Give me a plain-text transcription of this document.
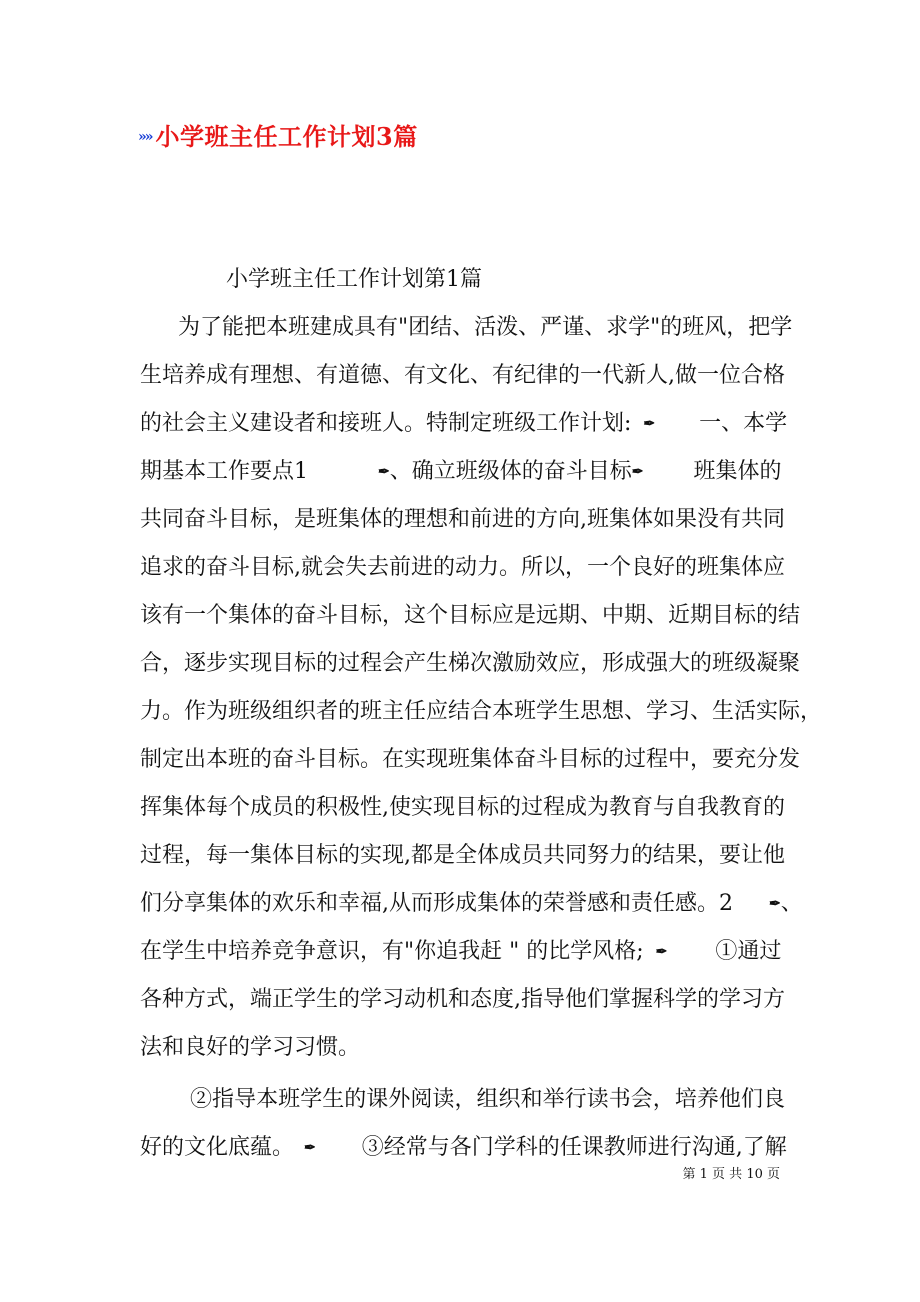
»» 小学班主任工作计划3篇
小学班主任工作计划第1篇
为了能把本班建成具有"团结、活泼、严谨、求学"的班风，把学
生培养成有理想、有道德、有文化、有纪律的一代新人,做一位合格
的社会主义建设者和接班人。特制定班级工作计划: ✒ 一、本学
期基本工作要点1	✒、确立班级体的奋斗目标✒ 班集体的
共同奋斗目标，是班集体的理想和前进的方向,班集体如果没有共同
追求的奋斗目标,就会失去前进的动力。所以，一个良好的班集体应
该有一个集体的奋斗目标，这个目标应是远期、中期、近期目标的结
合，逐步实现目标的过程会产生梯次激励效应，形成强大的班级凝聚
力。作为班级组织者的班主任应结合本班学生思想、学习、生活实际，
制定出本班的奋斗目标。在实现班集体奋斗目标的过程中，要充分发
挥集体每个成员的积极性,使实现目标的过程成为教育与自我教育的
过程，每一集体目标的实现,都是全体成员共同努力的结果，要让他
们分享集体的欢乐和幸福,从而形成集体的荣誉感和责任感。2	✒、
在学生中培养竞争意识，有"你追我赶 " 的比学风格; ✒ ①通过
各种方式，端正学生的学习动机和态度,指导他们掌握科学的学习方
法和良好的学习习惯。
②指导本班学生的课外阅读，组织和举行读书会，培养他们良
好的文化底蕴。 ✒ ③经常与各门学科的任课教师进行沟通,了解
第 1 页 共 10 页
